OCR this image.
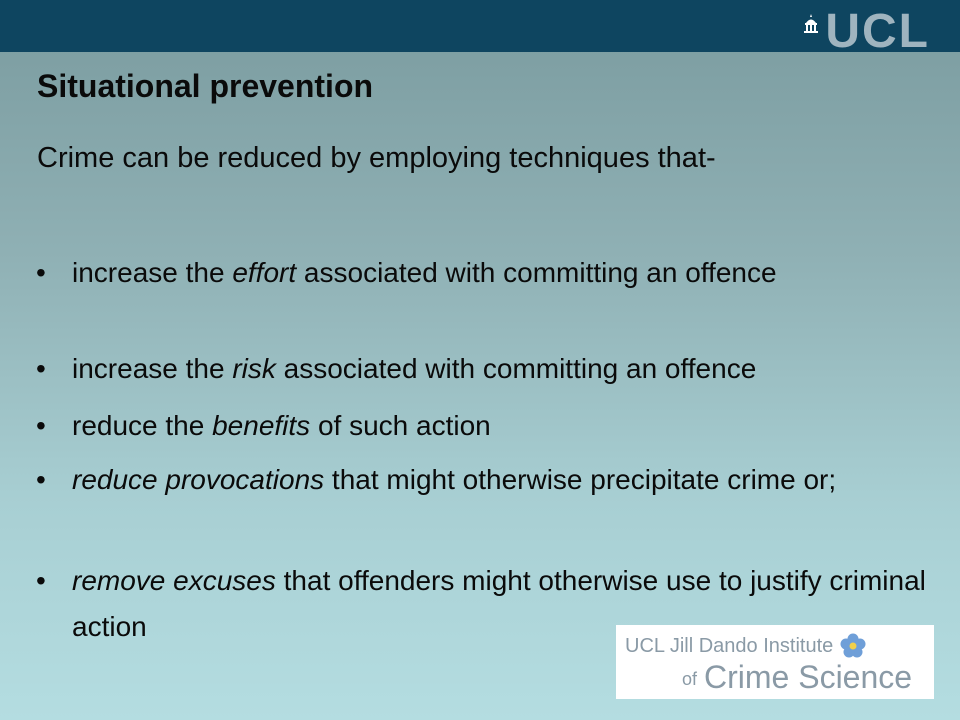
UCL
Situational prevention
Crime can be reduced by employing techniques that-
• increase the effort associated with committing an offence
• increase the risk associated with committing an offence
• reduce the benefits of such action
• reduce provocations that might otherwise precipitate crime or;
• remove excuses that offenders might otherwise use to justify criminal action
UCL Jill Dando Institute
of Crime Science
